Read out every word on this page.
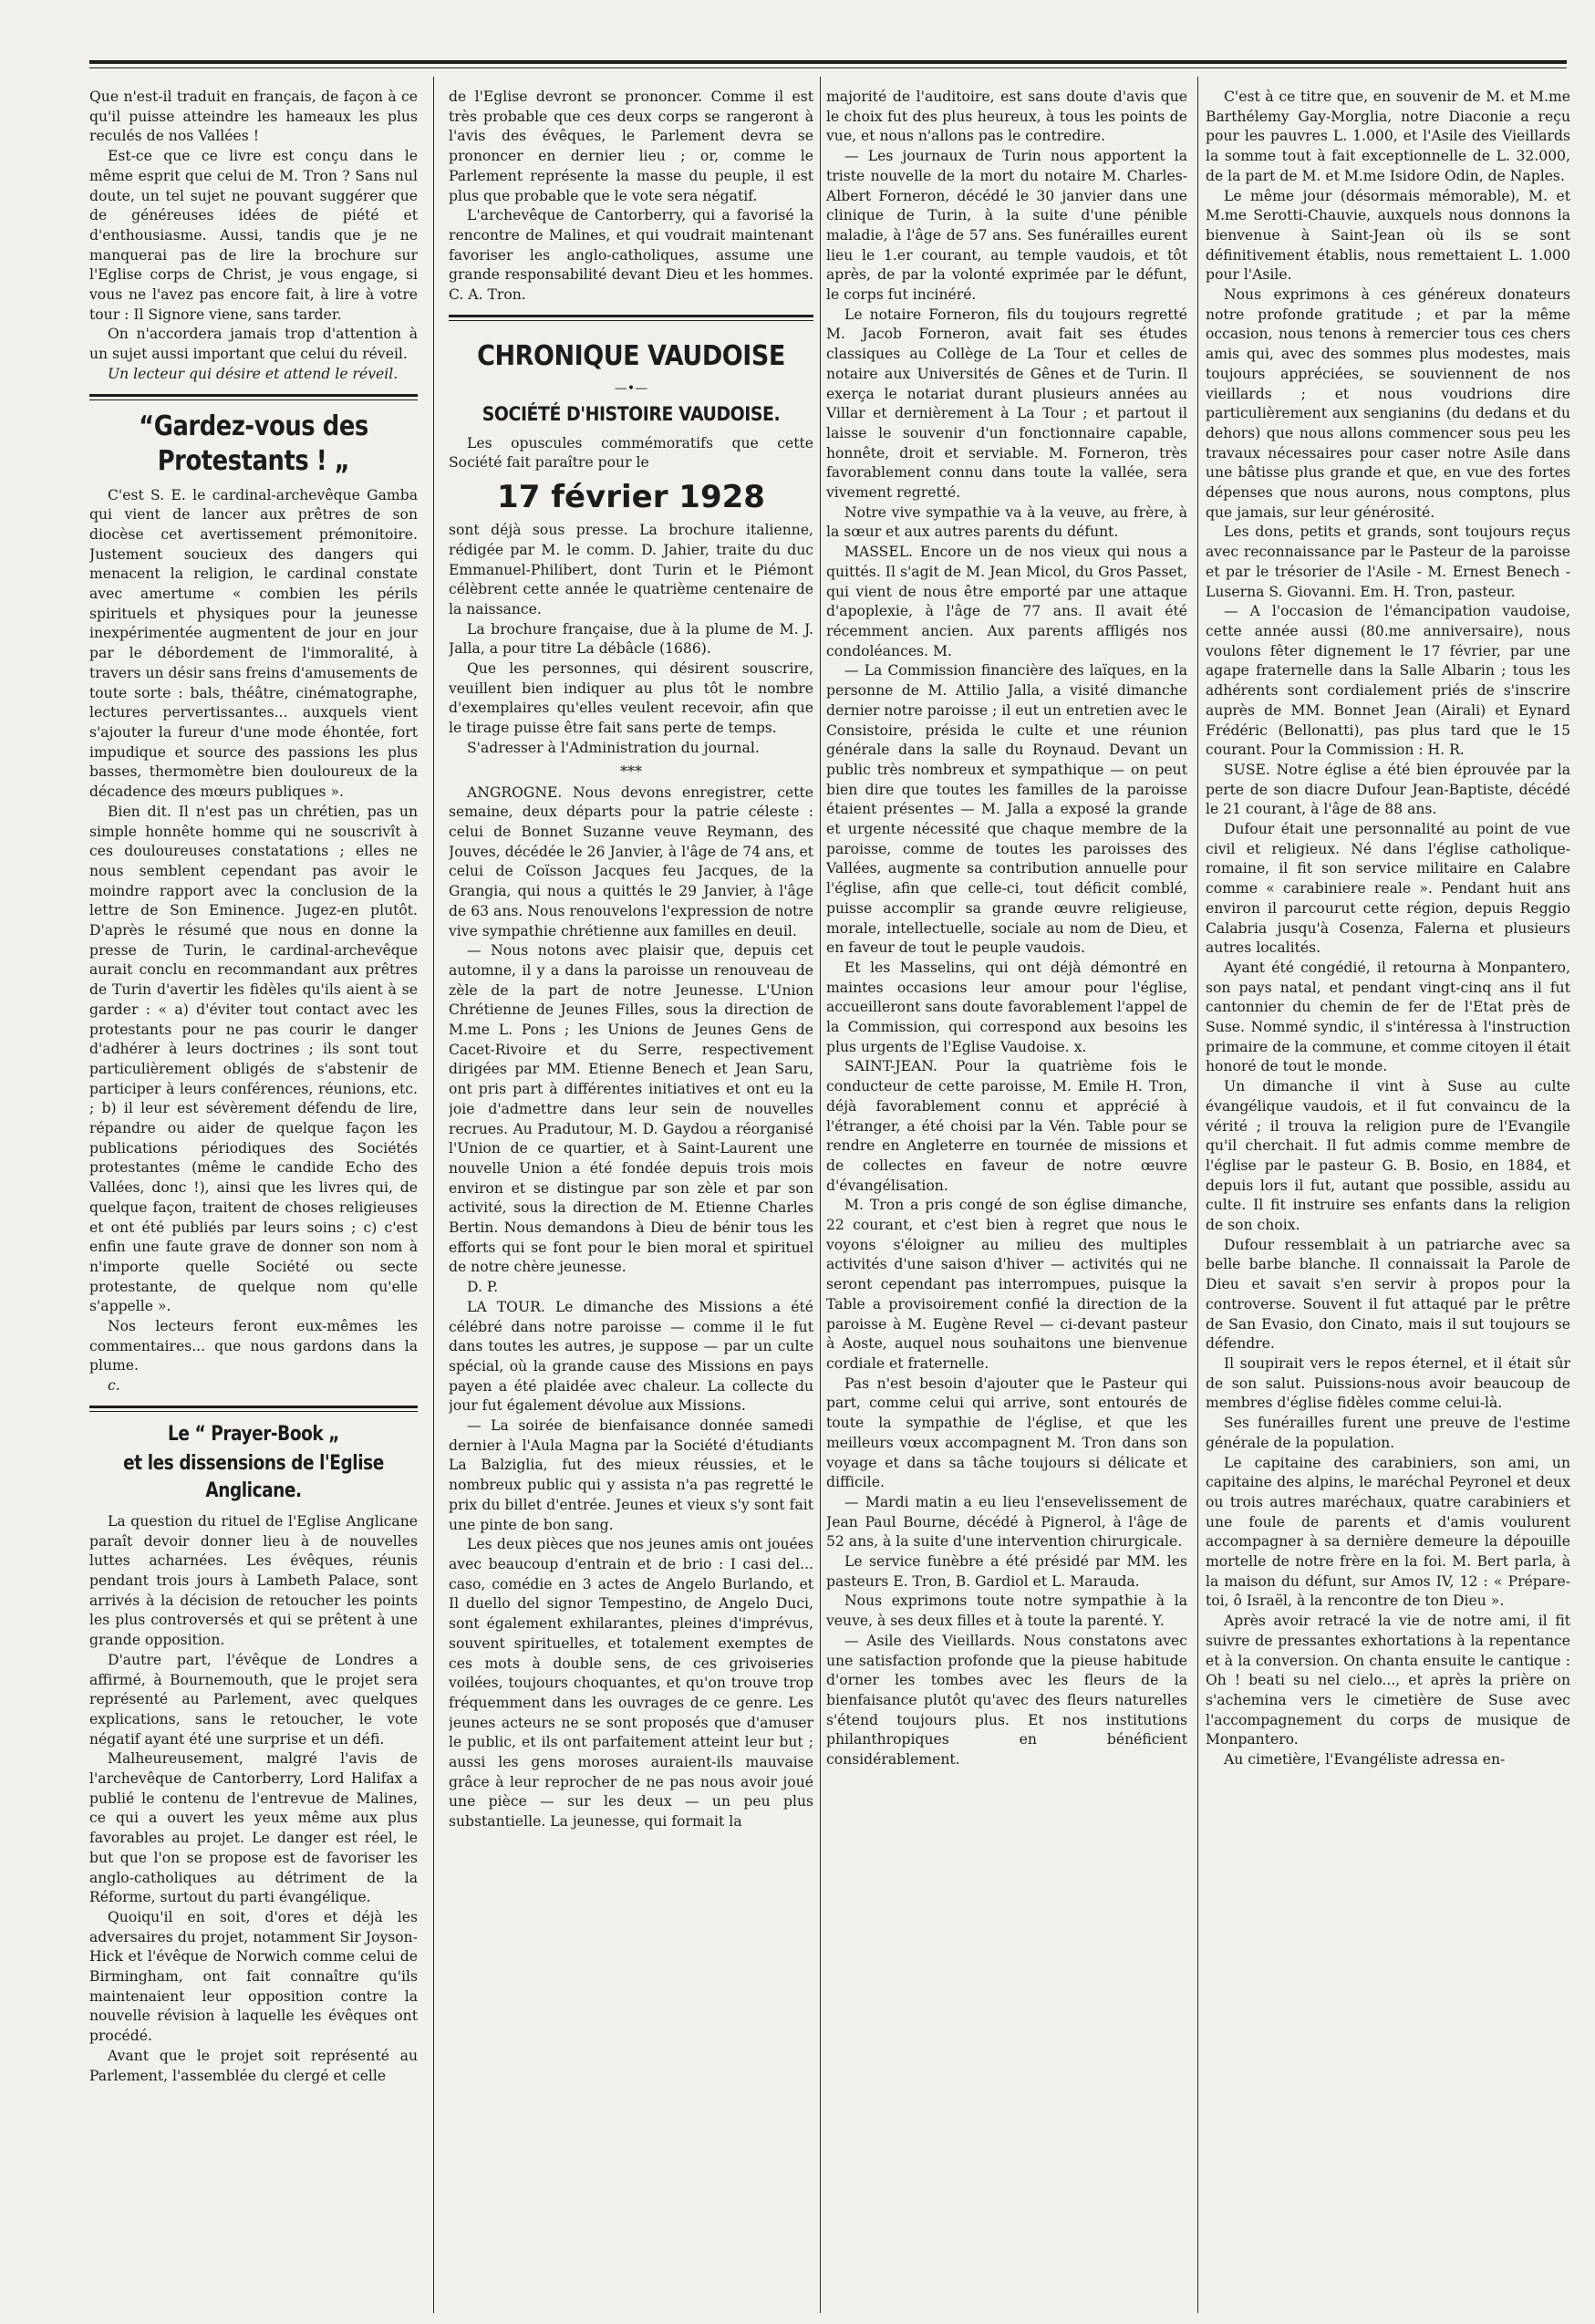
Que n'est-il traduit en français, de façon à ce qu'il puisse atteindre les hameaux les plus reculés de nos Vallées !

Est-ce que ce livre est conçu dans le même esprit que celui de M. Tron ? Sans nul doute, un tel sujet ne pouvant suggérer que de généreuses idées de piété et d'enthousiasme. Aussi, tandis que je ne manquerai pas de lire la brochure sur l'Eglise corps de Christ, je vous engage, si vous ne l'avez pas encore fait, à lire à votre tour : Il Signore viene, sans tarder.

On n'accordera jamais trop d'attention à un sujet aussi important que celui du réveil.

Un lecteur qui désire et attend le réveil.

“Gardez-vous des Protestants ! „

C'est S. E. le cardinal-archevêque Gamba qui vient de lancer aux prêtres de son diocèse cet avertissement prémonitoire. Justement soucieux des dangers qui menacent la religion, le cardinal constate avec amertume « combien les périls spirituels et physiques pour la jeunesse inexpérimentée augmentent de jour en jour par le débordement de l'immoralité, à travers un désir sans freins d'amusements de toute sorte : bals, théâtre, cinématographe, lectures pervertissantes... auxquels vient s'ajouter la fureur d'une mode éhontée, fort impudique et source des passions les plus basses, thermomètre bien douloureux de la décadence des mœurs publiques ».

Bien dit. Il n'est pas un chrétien, pas un simple honnête homme qui ne souscrivît à ces douloureuses constatations ; elles ne nous semblent cependant pas avoir le moindre rapport avec la conclusion de la lettre de Son Eminence. Jugez-en plutôt. D'après le résumé que nous en donne la presse de Turin, le cardinal-archevêque aurait conclu en recommandant aux prêtres de Turin d'avertir les fidèles qu'ils aient à se garder : « a) d'éviter tout contact avec les protestants pour ne pas courir le danger d'adhérer à leurs doctrines ; ils sont tout particulièrement obligés de s'abstenir de participer à leurs conférences, réunions, etc. ; b) il leur est sévèrement défendu de lire, répandre ou aider de quelque façon les publications périodiques des Sociétés protestantes (même le candide Echo des Vallées, donc !), ainsi que les livres qui, de quelque façon, traitent de choses religieuses et ont été publiés par leurs soins ; c) c'est enfin une faute grave de donner son nom à n'importe quelle Société ou secte protestante, de quelque nom qu'elle s'appelle ».

Nos lecteurs feront eux-mêmes les commentaires... que nous gardons dans la plume.

c.

Le “ Prayer-Book „
et les dissensions de l'Eglise Anglicane.

La question du rituel de l'Eglise Anglicane paraît devoir donner lieu à de nouvelles luttes acharnées. Les évêques, réunis pendant trois jours à Lambeth Palace, sont arrivés à la décision de retoucher les points les plus controversés et qui se prêtent à une grande opposition.

D'autre part, l'évêque de Londres a affirmé, à Bournemouth, que le projet sera représenté au Parlement, avec quelques explications, sans le retoucher, le vote négatif ayant été une surprise et un défi.

Malheureusement, malgré l'avis de l'archevêque de Cantorberry, Lord Halifax a publié le contenu de l'entrevue de Malines, ce qui a ouvert les yeux même aux plus favorables au projet. Le danger est réel, le but que l'on se propose est de favoriser les anglo-catholiques au détriment de la Réforme, surtout du parti évangélique.

Quoiqu'il en soit, d'ores et déjà les adversaires du projet, notamment Sir Joyson-Hick et l'évêque de Norwich comme celui de Birmingham, ont fait connaître qu'ils maintenaient leur opposition contre la nouvelle révision à laquelle les évêques ont procédé.

Avant que le projet soit représenté au Parlement, l'assemblée du clergé et celle

de l'Eglise devront se prononcer. Comme il est très probable que ces deux corps se rangeront à l'avis des évêques, le Parlement devra se prononcer en dernier lieu ; or, comme le Parlement représente la masse du peuple, il est plus que probable que le vote sera négatif.

L'archevêque de Cantorberry, qui a favorisé la rencontre de Malines, et qui voudrait maintenant favoriser les anglo-catholiques, assume une grande responsabilité devant Dieu et les hommes. C. A. Tron.

CHRONIQUE VAUDOISE
—•—
SOCIÉTÉ D'HISTOIRE VAUDOISE.

Les opuscules commémoratifs que cette Société fait paraître pour le

17 février 1928

sont déjà sous presse. La brochure italienne, rédigée par M. le comm. D. Jahier, traite du duc Emmanuel-Philibert, dont Turin et le Piémont célèbrent cette année le quatrième centenaire de la naissance.

La brochure française, due à la plume de M. J. Jalla, a pour titre La débâcle (1686).

Que les personnes, qui désirent souscrire, veuillent bien indiquer au plus tôt le nombre d'exemplaires qu'elles veulent recevoir, afin que le tirage puisse être fait sans perte de temps.

S'adresser à l'Administration du journal.

***

ANGROGNE. Nous devons enregistrer, cette semaine, deux départs pour la patrie céleste : celui de Bonnet Suzanne veuve Reymann, des Jouves, décédée le 26 Janvier, à l'âge de 74 ans, et celui de Coïsson Jacques feu Jacques, de la Grangia, qui nous a quittés le 29 Janvier, à l'âge de 63 ans. Nous renouvelons l'expression de notre vive sympathie chrétienne aux familles en deuil.

— Nous notons avec plaisir que, depuis cet automne, il y a dans la paroisse un renouveau de zèle de la part de notre Jeunesse. L'Union Chrétienne de Jeunes Filles, sous la direction de M.me L. Pons ; les Unions de Jeunes Gens de Cacet-Rivoire et du Serre, respectivement dirigées par MM. Etienne Benech et Jean Saru, ont pris part à différentes initiatives et ont eu la joie d'admettre dans leur sein de nouvelles recrues. Au Pradutour, M. D. Gaydou a réorganisé l'Union de ce quartier, et à Saint-Laurent une nouvelle Union a été fondée depuis trois mois environ et se distingue par son zèle et par son activité, sous la direction de M. Etienne Charles Bertin. Nous demandons à Dieu de bénir tous les efforts qui se font pour le bien moral et spirituel de notre chère jeunesse.

D. P.

LA TOUR. Le dimanche des Missions a été célébré dans notre paroisse — comme il le fut dans toutes les autres, je suppose — par un culte spécial, où la grande cause des Missions en pays payen a été plaidée avec chaleur. La collecte du jour fut également dévolue aux Missions.

— La soirée de bienfaisance donnée samedi dernier à l'Aula Magna par la Société d'étudiants La Balziglia, fut des mieux réussies, et le nombreux public qui y assista n'a pas regretté le prix du billet d'entrée. Jeunes et vieux s'y sont fait une pinte de bon sang.

Les deux pièces que nos jeunes amis ont jouées avec beaucoup d'entrain et de brio : I casi del... caso, comédie en 3 actes de Angelo Burlando, et Il duello del signor Tempestino, de Angelo Duci, sont également exhilarantes, pleines d'imprévus, souvent spirituelles, et totalement exemptes de ces mots à double sens, de ces grivoiseries voilées, toujours choquantes, et qu'on trouve trop fréquemment dans les ouvrages de ce genre. Les jeunes acteurs ne se sont proposés que d'amuser le public, et ils ont parfaitement atteint leur but ; aussi les gens moroses auraient-ils mauvaise grâce à leur reprocher de ne pas nous avoir joué une pièce — sur les deux — un peu plus substantielle. La jeunesse, qui formait la

majorité de l'auditoire, est sans doute d'avis que le choix fut des plus heureux, à tous les points de vue, et nous n'allons pas le contredire.

— Les journaux de Turin nous apportent la triste nouvelle de la mort du notaire M. Charles-Albert Forneron, décédé le 30 janvier dans une clinique de Turin, à la suite d'une pénible maladie, à l'âge de 57 ans. Ses funérailles eurent lieu le 1.er courant, au temple vaudois, et tôt après, de par la volonté exprimée par le défunt, le corps fut incinéré.

Le notaire Forneron, fils du toujours regretté M. Jacob Forneron, avait fait ses études classiques au Collège de La Tour et celles de notaire aux Universités de Gênes et de Turin. Il exerça le notariat durant plusieurs années au Villar et dernièrement à La Tour ; et partout il laisse le souvenir d'un fonctionnaire capable, honnête, droit et serviable. M. Forneron, très favorablement connu dans toute la vallée, sera vivement regretté.

Notre vive sympathie va à la veuve, au frère, à la sœur et aux autres parents du défunt.

MASSEL. Encore un de nos vieux qui nous a quittés. Il s'agit de M. Jean Micol, du Gros Passet, qui vient de nous être emporté par une attaque d'apoplexie, à l'âge de 77 ans. Il avait été récemment ancien. Aux parents affligés nos condoléances. M.

— La Commission financière des laïques, en la personne de M. Attilio Jalla, a visité dimanche dernier notre paroisse ; il eut un entretien avec le Consistoire, présida le culte et une réunion générale dans la salle du Roynaud. Devant un public très nombreux et sympathique — on peut bien dire que toutes les familles de la paroisse étaient présentes — M. Jalla a exposé la grande et urgente nécessité que chaque membre de la paroisse, comme de toutes les paroisses des Vallées, augmente sa contribution annuelle pour l'église, afin que celle-ci, tout déficit comblé, puisse accomplir sa grande œuvre religieuse, morale, intellectuelle, sociale au nom de Dieu, et en faveur de tout le peuple vaudois.

Et les Masselins, qui ont déjà démontré en maintes occasions leur amour pour l'église, accueilleront sans doute favorablement l'appel de la Commission, qui correspond aux besoins les plus urgents de l'Eglise Vaudoise. x.

SAINT-JEAN. Pour la quatrième fois le conducteur de cette paroisse, M. Emile H. Tron, déjà favorablement connu et apprécié à l'étranger, a été choisi par la Vén. Table pour se rendre en Angleterre en tournée de missions et de collectes en faveur de notre œuvre d'évangélisation.

M. Tron a pris congé de son église dimanche, 22 courant, et c'est bien à regret que nous le voyons s'éloigner au milieu des multiples activités d'une saison d'hiver — activités qui ne seront cependant pas interrompues, puisque la Table a provisoirement confié la direction de la paroisse à M. Eugène Revel — ci-devant pasteur à Aoste, auquel nous souhaitons une bienvenue cordiale et fraternelle.

Pas n'est besoin d'ajouter que le Pasteur qui part, comme celui qui arrive, sont entourés de toute la sympathie de l'église, et que les meilleurs vœux accompagnent M. Tron dans son voyage et dans sa tâche toujours si délicate et difficile.

— Mardi matin a eu lieu l'ensevelissement de Jean Paul Bourne, décédé à Pignerol, à l'âge de 52 ans, à la suite d'une intervention chirurgicale.

Le service funèbre a été présidé par MM. les pasteurs E. Tron, B. Gardiol et L. Marauda.

Nous exprimons toute notre sympathie à la veuve, à ses deux filles et à toute la parenté. Y.

— Asile des Vieillards. Nous constatons avec une satisfaction profonde que la pieuse habitude d'orner les tombes avec les fleurs de la bienfaisance plutôt qu'avec des fleurs naturelles s'étend toujours plus. Et nos institutions philanthropiques en bénéficient considérablement.

C'est à ce titre que, en souvenir de M. et M.me Barthélemy Gay-Morglia, notre Diaconie a reçu pour les pauvres L. 1.000, et l'Asile des Vieillards la somme tout à fait exceptionnelle de L. 32.000, de la part de M. et M.me Isidore Odin, de Naples.

Le même jour (désormais mémorable), M. et M.me Serotti-Chauvie, auxquels nous donnons la bienvenue à Saint-Jean où ils se sont définitivement établis, nous remettaient L. 1.000 pour l'Asile.

Nous exprimons à ces généreux donateurs notre profonde gratitude ; et par la même occasion, nous tenons à remercier tous ces chers amis qui, avec des sommes plus modestes, mais toujours appréciées, se souviennent de nos vieillards ; et nous voudrions dire particulièrement aux sengianins (du dedans et du dehors) que nous allons commencer sous peu les travaux nécessaires pour caser notre Asile dans une bâtisse plus grande et que, en vue des fortes dépenses que nous aurons, nous comptons, plus que jamais, sur leur générosité.

Les dons, petits et grands, sont toujours reçus avec reconnaissance par le Pasteur de la paroisse et par le trésorier de l'Asile - M. Ernest Benech - Luserna S. Giovanni. Em. H. Tron, pasteur.

— A l'occasion de l'émancipation vaudoise, cette année aussi (80.me anniversaire), nous voulons fêter dignement le 17 février, par une agape fraternelle dans la Salle Albarin ; tous les adhérents sont cordialement priés de s'inscrire auprès de MM. Bonnet Jean (Airali) et Eynard Frédéric (Bellonatti), pas plus tard que le 15 courant. Pour la Commission : H. R.

SUSE. Notre église a été bien éprouvée par la perte de son diacre Dufour Jean-Baptiste, décédé le 21 courant, à l'âge de 88 ans.

Dufour était une personnalité au point de vue civil et religieux. Né dans l'église catholique-romaine, il fit son service militaire en Calabre comme « carabiniere reale ». Pendant huit ans environ il parcourut cette région, depuis Reggio Calabria jusqu'à Cosenza, Falerna et plusieurs autres localités.

Ayant été congédié, il retourna à Monpantero, son pays natal, et pendant vingt-cinq ans il fut cantonnier du chemin de fer de l'Etat près de Suse. Nommé syndic, il s'intéressa à l'instruction primaire de la commune, et comme citoyen il était honoré de tout le monde.

Un dimanche il vint à Suse au culte évangélique vaudois, et il fut convaincu de la vérité ; il trouva la religion pure de l'Evangile qu'il cherchait. Il fut admis comme membre de l'église par le pasteur G. B. Bosio, en 1884, et depuis lors il fut, autant que possible, assidu au culte. Il fit instruire ses enfants dans la religion de son choix.

Dufour ressemblait à un patriarche avec sa belle barbe blanche. Il connaissait la Parole de Dieu et savait s'en servir à propos pour la controverse. Souvent il fut attaqué par le prêtre de San Evasio, don Cinato, mais il sut toujours se défendre.

Il soupirait vers le repos éternel, et il était sûr de son salut. Puissions-nous avoir beaucoup de membres d'église fidèles comme celui-là.

Ses funérailles furent une preuve de l'estime générale de la population.

Le capitaine des carabiniers, son ami, un capitaine des alpins, le maréchal Peyronel et deux ou trois autres maréchaux, quatre carabiniers et une foule de parents et d'amis voulurent accompagner à sa dernière demeure la dépouille mortelle de notre frère en la foi. M. Bert parla, à la maison du défunt, sur Amos IV, 12 : « Prépare-toi, ô Israël, à la rencontre de ton Dieu ».

Après avoir retracé la vie de notre ami, il fit suivre de pressantes exhortations à la repentance et à la conversion. On chanta ensuite le cantique : Oh ! beati su nel cielo..., et après la prière on s'achemina vers le cimetière de Suse avec l'accompagnement du corps de musique de Monpantero.

Au cimetière, l'Evangéliste adressa en-
